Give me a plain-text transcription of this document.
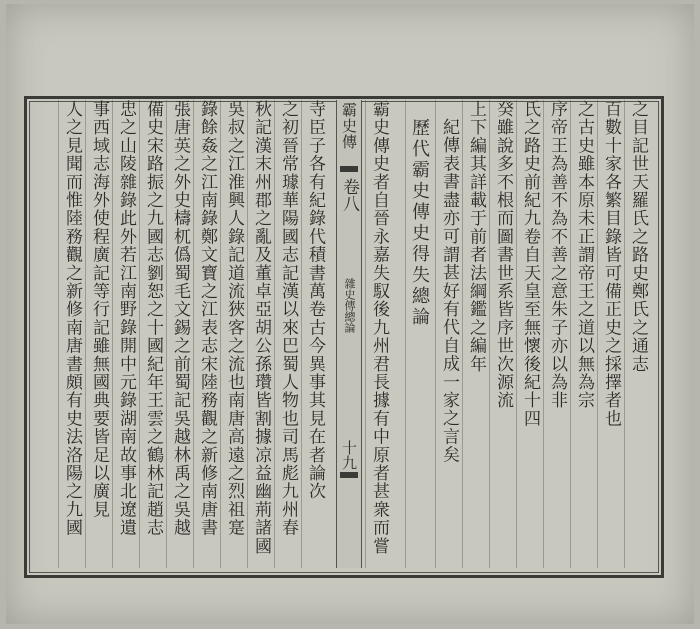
之目記世天羅氏之路史鄭氏之通志
百數十家各繁目錄皆可備正史之採擇者也
之古史雖本原未正謂帝王之道以無為宗
序帝王為善不為不善之意朱子亦以為非
氏之路史前紀九卷自天皇至無懷後紀十四
癸雖說多不根而圖書世系皆序世次源流
上下編其詳載于前者法綱鑑之編年
紀傳表書盡亦可謂甚好有代自成一家之言矣
歷代霸史傳史得失總論
霸史傳史者自晉永嘉失馭後九州君長據有中原者甚衆而嘗
寺臣子各有紀錄代積書萬卷古今異事其見在者論次
之初晉常璩華陽國志記漢以來巴蜀人物也司馬彪九州春
秋記漢末州郡之亂及董卓亞胡公孫瓚皆割據凉益幽荊諸國
吳叔之江淮興人錄記道流狹客之流也南唐高遠之烈祖寔
錄餘姦之江南錄鄭文寶之江表志宋陸務觀之新修南唐書
張唐英之外史檮杌僞蜀毛文錫之前蜀記吳越林禹之吳越
備史宋路振之九國志劉恕之十國紀年王雲之鶴林記趙志
忠之山陵雜錄此外若江南野錄開中元錄湖南故事北遼遺
事西域志海外使程廣記等行記雖無國典要皆足以廣見
人之見聞而惟陸務觀之新修南唐書頗有史法洛陽之九國	霸史傳
卷八
雜史傳總論
十九
